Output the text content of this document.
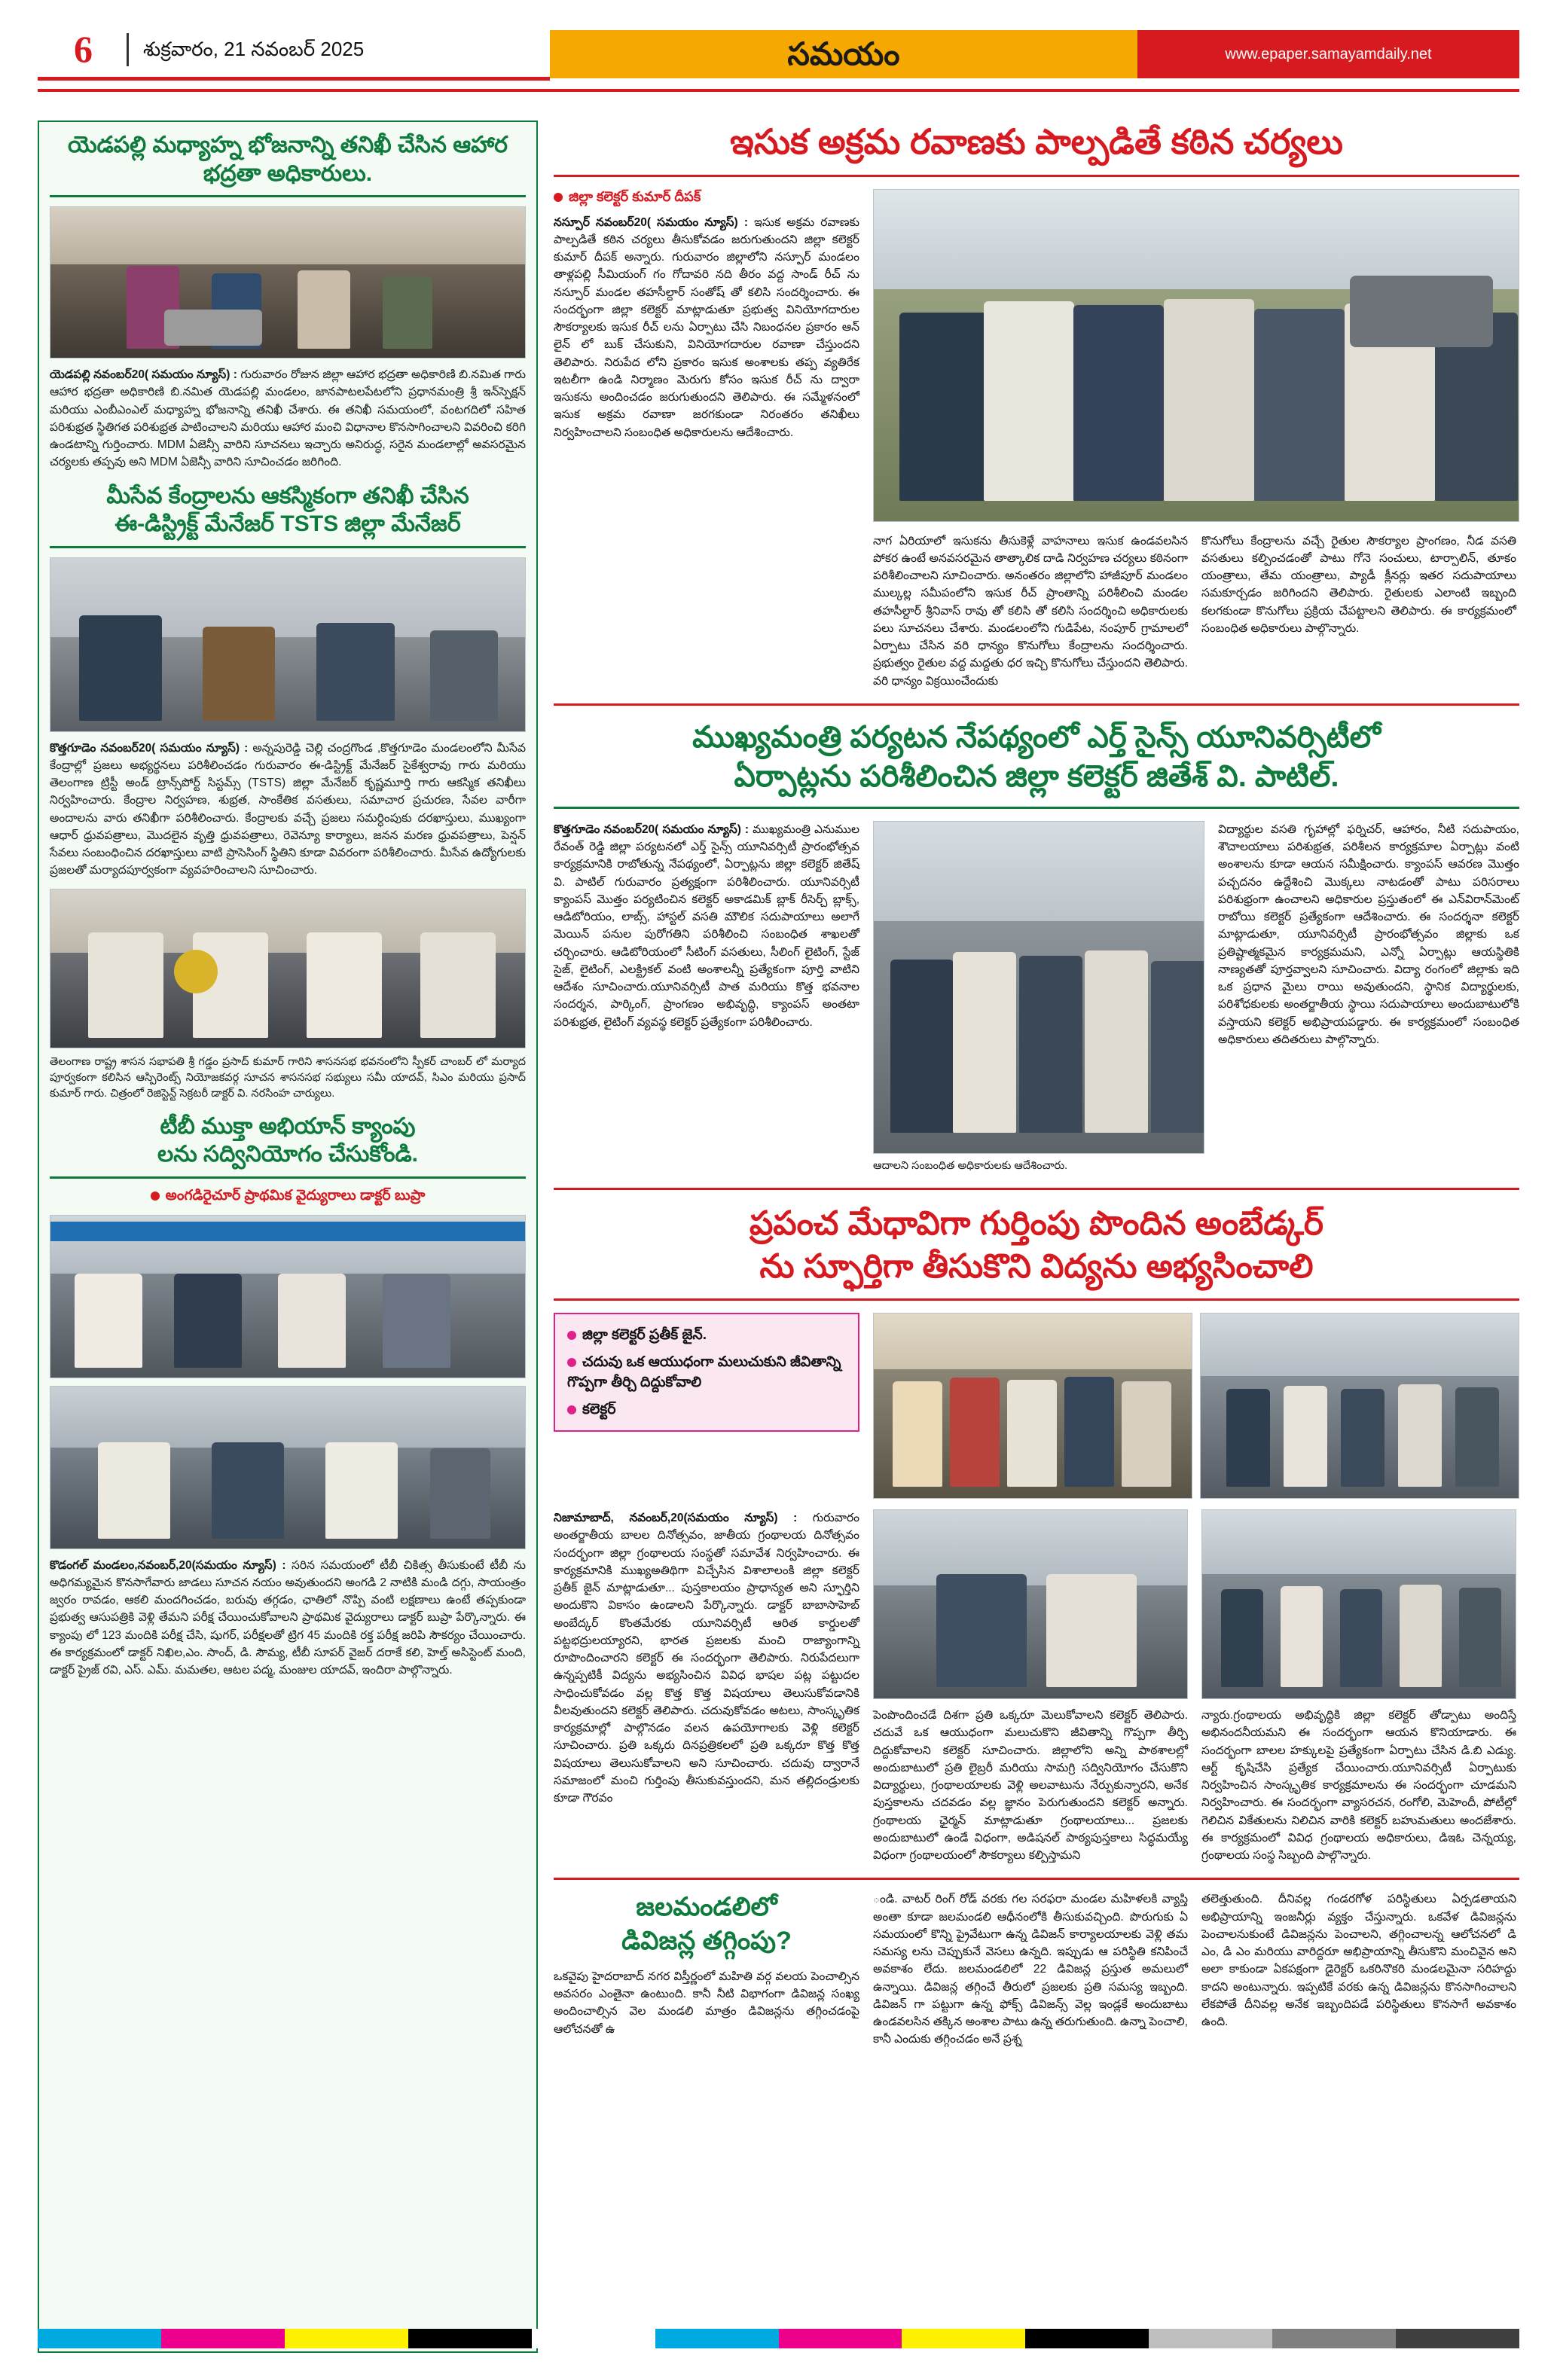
6	శుక్రవారం, 21 నవంబర్ 2025	సమయం	www.epaper.samayamdaily.net
యెడపల్లి మధ్యాహ్న భోజనాన్ని తనిఖీ చేసిన ఆహార భద్రతా అధికారులు.
యెడపల్లి నవంబర్20( సమయం న్యూస్) : గురువారం రోజున జిల్లా ఆహార భద్రతా అధికారిణి బి.నమిత గారు ఆహార భద్రతా అధికారిణి బి.నమిత యెడపల్లి మండలం, జానపాటలపేటలోని ప్రధానమంత్రి శ్రీ ఇన్‌స్పెక్షన్ మరియు ఎంబీఎంఎల్ మధ్యాహ్న భోజనాన్ని తనిఖీ చేశారు. ఈ తనిఖీ సమయంలో, వంటగదిలో సహిత పరిశుభ్రత స్థితిగత పరిశుభ్రత పాటించాలని మరియు ఆహార మంచి విధానాల కొనసాగించాలని వివరించి కరిగి ఉండటాన్ని గుర్తించారు. MDM ఏజెన్సీ వారిని సూచనలు ఇచ్చారు అనిరుద్ధ, సరైన మండలాల్లో అవసరమైన చర్యలకు తప్పవు అని MDM ఏజెన్సీ వారిని సూచించడం జరిగింది.
మీసేవ కేంద్రాలను ఆకస్మికంగా తనిఖీ చేసిన
ఈ-డిస్ట్రిక్ట్ మేనేజర్ TSTS జిల్లా మేనేజర్
కొత్తగూడెం నవంబర్20( సమయం న్యూస్) : అన్నపురెడ్డి చెల్లి చంద్రగొండ ,కొత్తగూడెం మండలంలోని మీసేవ కేంద్రాల్లో ప్రజలు అభ్యర్థనలు పరిశీలించడం గురువారం ఈ-డిస్ట్రిక్ట్ మేనేజర్ సైకేశ్వరావు గారు మరియు తెలంగాణ ట్రిస్టీ అండ్ ట్రాన్స్‌పోర్ట్ సిస్టమ్స్ (TSTS) జిల్లా మేనేజర్ కృష్ణమూర్తి గారు ఆకస్మిక తనిఖీలు నిర్వహించారు. కేంద్రాల నిర్వహణ, శుభ్రత, సాంకేతిక వసతులు, సమాచార ప్రచురణ, సేవల వారీగా అందాలను వారు తనిఖీగా పరిశీలించారు. కేంద్రాలకు వచ్చే ప్రజలు సమర్ధింపుకు దరఖాస్తులు, ముఖ్యంగా ఆధార్ ధ్రువపత్రాలు, మొదలైన వృత్తి ధ్రువపత్రాలు, రెవెన్యూ కార్యాలు, జనన మరణ ధ్రువపత్రాలు, పెన్షన్ సేవలు సంబంధించిన దరఖాస్తులు వాటి ప్రాసెసింగ్ స్థితిని కూడా వివరంగా పరిశీలించారు. మీసేవ ఉద్యోగులకు ప్రజలతో మర్యాదపూర్వకంగా వ్యవహరించాలని సూచించారు.
తెలంగాణ రాష్ట్ర శాసన సభాపతి శ్రీ గడ్డం ప్రసాద్ కుమార్ గారిని శాసనసభ భవనంలోని స్పీకర్ చాంబర్ లో మర్యాద పూర్వకంగా కలిసిన ఆస్పిరెంట్స్ నియోజకవర్గ సూచన శాసనసభ సభ్యులు సమీ యాదవ్, సిఎం మరియు ప్రసాద్ కుమార్ గారు. చిత్రంలో రెజిస్టెన్ట్ సెక్రటరీ డాక్టర్ వి. నరసింహ చార్యులు.
టీబీ ముక్తా అభియాన్ క్యాంపు
లను సద్వినియోగం చేసుకోండి.
అంగడిరైచూర్ ప్రాథమిక వైద్యురాలు డాక్టర్ బుప్రా
కొడంగల్ మండలం,నవంబర్,20(సమయం న్యూస్) : సరిన సమయంలో టీబీ చికిత్స తీసుకుంటే టీబీ ను అధిగమ్యమైన కొనసాగేవారు జాడలు సూచన నయం అవుతుందని అంగడి 2 నాటికి మండి దగ్గు, సాయంత్రం జ్వరం రావడం, ఆకలి మందగించడం, బరువు తగ్గడం, ఛాతిలో నొప్పి వంటి లక్షణాలు ఉంటే తప్పకుండా ప్రభుత్వ ఆసుపత్రికి వెళ్లి తేమని పరీక్ష చేయించుకోవాలని ప్రాథమిక వైద్యురాలు డాక్టర్ బుప్రా పేర్కొన్నారు. ఈ క్యాంపు లో 123 మందికి పరీక్ష చేసి, షుగర్, పరీక్షలతో ట్రిగ 45 మందికి రక్త పరీక్ష జరిపి సౌకర్యం చేయించారు. ఈ కార్యక్రమంలో డాక్టర్ నిఖిల,ఎం. సాంద్, డి. సౌమ్య, టీబీ సూపర్ వైజర్ దరాకే కలి, హెల్త్ అసిస్టెంట్ మంది, డాక్టర్ ప్రైజ్ రవి, ఎస్. ఎమ్. మమతల, ఆటల పద్మ, మంజుల యాదవ్, ఇందిరా పాల్గొన్నారు.
ఇసుక అక్రమ రవాణకు పాల్పడితే కఠిన చర్యలు
జిల్లా కలెక్టర్ కుమార్ దీపక్
నస్పూర్ నవంబర్20( సమయం న్యూస్) : ఇసుక అక్రమ రవాణకు పాల్పడితే కఠిన చర్యలు తీసుకోవడం జరుగుతుందని జిల్లా కలెక్టర్ కుమార్ దీపక్ అన్నారు. గురువారం జిల్లాలోని నస్పూర్ మండలం తాళ్లపల్లి సీమియంగ్ గం గోదావరి నది తీరం వద్ద సాండ్ రీచ్ ను నస్పూర్ మండల తహసీల్దార్ సంతోష్ తో కలిసి సందర్శించారు. ఈ సందర్భంగా జిల్లా కలెక్టర్ మాట్లాడుతూ ప్రభుత్వ వినియోగదారుల సౌకర్యాలకు ఇసుక రీచ్ లను ఏర్పాటు చేసి నిబంధనల ప్రకారం ఆన్ లైన్ లో బుక్ చేసుకుని, వినియోగదారుల రవాణా చేస్తుందని తెలిపారు. నిరుపేద లోని ప్రకారం ఇసుక అంశాలకు తప్ప వ్యతిరేక ఇటలీగా ఉండి నిర్మాణం మెరుగు కోసం ఇసుక రీచ్ ను ద్వారా ఇసుకను అందించడం జరుగుతుందని తెలిపారు. ఈ సమ్మేళనంలో ఇసుక అక్రమ రవాణా జరగకుండా నిరంతరం తనిఖీలు నిర్వహించాలని సంబంధిత అధికారులను ఆదేశించారు.
నాగ ఏరియాలో ఇసుకను తీసుకెళ్లే వాహనాలు ఇసుక ఉండవలసిన పోకర ఉంటే అనవసరమైన తాత్కాలిక దాడి నిర్వహణ చర్యలు కఠినంగా పరిశీలించాలని సూచించారు. అనంతరం జిల్లాలోని హాజీపూర్ మండలం ముల్కల్ల సమీపంలోని ఇసుక రీచ్ ప్రాంతాన్ని పరిశీలించి మండల తహసీల్దార్ శ్రీనివాస్ రావు తో కలిసి తో కలిసి సందర్శించి అధికారులకు పలు సూచనలు చేశారు. మండలంలోని గుడిపేట, నంపూర్ గ్రామాలలో ఏర్పాటు చేసిన వరి ధాన్యం కొనుగోలు కేంద్రాలను సందర్శించారు. ప్రభుత్వం రైతుల వద్ద మద్దతు ధర ఇచ్చి కొనుగోలు చేస్తుందని తెలిపారు. వరి ధాన్యం విక్రయించేందుకు
కొనుగోలు కేంద్రాలను వచ్చే రైతుల సౌకర్యాల ప్రాంగణం, నీడ వసతి వసతులు కల్పించడంతో పాటు గోనె సంచులు, టార్పాలిన్, తూకం యంత్రాలు, తేమ యంత్రాలు, ప్యాడీ క్లీనర్లు ఇతర సదుపాయాలు సమకూర్చడం జరిగిందని తెలిపారు. రైతులకు ఎలాంటి ఇబ్బంది కలగకుండా కొనుగోలు ప్రక్రియ చేపట్టాలని తెలిపారు. ఈ కార్యక్రమంలో సంబంధిత అధికారులు పాల్గొన్నారు.
ముఖ్యమంత్రి పర్యటన నేపథ్యంలో ఎర్త్ సైన్స్ యూనివర్సిటీలో
ఏర్పాట్లను పరిశీలించిన జిల్లా కలెక్టర్ జితేశ్ వి. పాటిల్.
కొత్తగూడెం నవంబర్20( సమయం న్యూస్) : ముఖ్యమంత్రి ఎనుముల రేవంత్ రెడ్డి జిల్లా పర్యటనలో ఎర్త్ సైన్స్ యూనివర్సిటీ ప్రారంభోత్సవ కార్యక్రమానికి రాబోతున్న నేపథ్యంలో, ఏర్పాట్లను జిల్లా కలెక్టర్ జితేష్ వి. పాటిల్ గురువారం ప్రత్యక్షంగా పరిశీలించారు. యూనివర్సిటీ క్యాంపస్ మొత్తం పర్యటించిన కలెక్టర్ అకాడమిక్ బ్లాక్ రీసెర్చ్ బ్లాక్స్, ఆడిటోరియం, లాబ్స్, హాస్టల్ వసతి మౌలిక సదుపాయాలు అలాగే మెయిన్ పనుల పురోగతిని పరిశీలించి సంబంధిత శాఖలతో చర్చించారు. ఆడిటోరియంలో సీటింగ్ వసతులు, సీలింగ్ లైటింగ్, స్టేజ్ సైజ్, లైటింగ్, ఎలక్ట్రికల్ వంటి అంశాలన్నీ ప్రత్యేకంగా పూర్తి వాటిని ఆదేశం సూచించారు.యూనివర్సిటీ పాత మరియు కొత్త భవనాల సందర్శన, పార్కింగ్, ప్రాంగణం అభివృద్ధి, క్యాంపస్ అంతటా పరిశుభ్రత, లైటింగ్ వ్యవస్థ కలెక్టర్ ప్రత్యేకంగా పరిశీలించారు.
ఆదాలని సంబంధిత అధికారులకు ఆదేశించారు.
విద్యార్థుల వసతి గృహాల్లో ఫర్నిచర్, ఆహారం, నీటి సదుపాయం, శౌచాలయాలు పరిశుభ్రత, పరిశీలన కార్యక్రమాల ఏర్పాట్లు వంటి అంశాలను కూడా ఆయన సమీక్షించారు. క్యాంపస్ ఆవరణ మొత్తం పచ్చదనం ఉద్దేశించి మొక్కలు నాటడంతో పాటు పరిసరాలు పరిశుభ్రంగా ఉంచాలని అధికారుల ప్రస్తుతంలో ఈ ఎన్‌విరాన్‌మెంట్ రాబోయి కలెక్టర్ ప్రత్యేకంగా ఆదేశించారు. ఈ సందర్శనా కలెక్టర్ మాట్లాడుతూ, యూనివర్సిటీ ప్రారంభోత్సవం జిల్లాకు ఒక ప్రతిష్టాత్మకమైన కార్యక్రమమని, ఎన్నో ఏర్పాట్లు ఆయస్థితికి నాణ్యతతో పూర్తవ్వాలని సూచించారు. విద్యా రంగంలో జిల్లాకు ఇది ఒక ప్రధాన మైలు రాయి అవుతుందని, స్థానిక విద్యార్థులకు, పరిశోధకులకు అంతర్జాతీయ స్థాయి సదుపాయాలు అందుబాటులోకి వస్తాయని కలెక్టర్ అభిప్రాయపడ్డారు. ఈ కార్యక్రమంలో సంబంధిత అధికారులు తదితరులు పాల్గొన్నారు.
ప్రపంచ మేధావిగా గుర్తింపు పొందిన అంబేడ్కర్
ను స్ఫూర్తిగా తీసుకొని విద్యను అభ్యసించాలి
జిల్లా కలెక్టర్ ప్రతీక్ జైన్.
చదువు ఒక ఆయుధంగా మలుచుకుని జీవితాన్ని గొప్పగా తీర్చి దిద్దుకోవాలి
కలెక్టర్
నిజామాబాద్, నవంబర్,20(సమయం న్యూస్) : గురువారం అంతర్జాతీయ బాలల దినోత్సవం, జాతీయ గ్రంథాలయ దినోత్సవం సందర్భంగా జిల్లా గ్రంథాలయ సంస్థతో సమావేశ నిర్వహించారు. ఈ కార్యక్రమానికి ముఖ్యఅతిథిగా విచ్చేసిన విశాలాలంకి జిల్లా కలెక్టర్ ప్రతీక్ జైన్ మాట్లాడుతూ... పుస్తకాలయం ప్రాధాన్యత అని స్ఫూర్తిని అందుకొని వికాసం ఉండాలని పేర్కొన్నారు. డాక్టర్ బాబాసాహెబ్ అంబేద్కర్ కొంతమేరకు యూనివర్సిటీ ఆరిత కార్డులతో పట్టభద్రులయ్యారని, భారత ప్రజలకు మంచి రాజ్యాంగాన్ని రూపొందించారని కలెక్టర్ ఈ సందర్భంగా తెలిపారు. నిరుపేదలుగా ఉన్నప్పటికీ విద్యను అభ్యసించిన వివిధ భాషల పట్ల పట్టుదల సాధించుకోవడం వల్ల కొత్త కొత్త విషయాలు తెలుసుకోవడానికి వీలవుతుందని కలెక్టర్ తెలిపారు. చదువుకోవడం అటలు, సాంస్కృతిక కార్యక్రమాల్లో పాల్గొనడం వలన ఉపయోగాలకు వెళ్లి కలెక్టర్ సూచించారు. ప్రతి ఒక్కరు దినప్రత్రికలలో ప్రతి ఒక్కరూ కొత్త కొత్త విషయాలు తెలుసుకోవాలని అని సూచించారు. చదువు ద్వారానే సమాజంలో మంచి గుర్తింపు తీసుకువస్తుందని, మన తల్లిదండ్రులకు కూడా గౌరవం
పెంపొందించడే దిశగా ప్రతి ఒక్కరూ మెలుకోవాలని కలెక్టర్ తెలిపారు. చదువే ఒక ఆయుధంగా మలుచుకొని జీవితాన్ని గొప్పగా తీర్చి దిద్దుకోవాలని కలెక్టర్ సూచించారు. జిల్లాలోని అన్ని పాఠశాలల్లో అందుబాటులో ప్రతి లైబ్రరీ మరియు సామగ్రి సద్వినియోగం చేసుకొని విద్యార్థులు, గ్రంథాలయాలకు వెళ్లి అలవాటును నేర్పుకున్నారని, అనేక పుస్తకాలను చదవడం వల్ల జ్ఞానం పెరుగుతుందని కలెక్టర్ అన్నారు. గ్రంథాలయ ఛైర్మన్ మాట్లాడుతూ గ్రంథాలయాలు... ప్రజలకు అందుబాటులో ఉండే విధంగా, అడిషనల్ పాఠ్యపుస్తకాలు సిద్ధమయ్యే విధంగా గ్రంథాలయంలో సౌకర్యాలు కల్పిస్తామని
న్యారు.గ్రంథాలయ అభివృద్ధికి జిల్లా కలెక్టర్ తోడ్పాటు అందిస్తే అభినందనీయమని ఈ సందర్భంగా ఆయన కొనియాడారు. ఈ సందర్భంగా బాలల హక్కులపై ప్రత్యేకంగా ఏర్పాటు చేసిన డి.బి ఎడ్యు. ఆర్ట్ కృషిచేసి ప్రత్యేక చేయించారు.యూనివర్సిటీ ఏర్పాటుకు నిర్వహించిన సాంస్కృతిక కార్యక్రమాలను ఈ సందర్భంగా చూడమని నిర్వహించారు. ఈ సందర్భంగా వ్యాసరచన, రంగోలి, మెహెందీ, పోటీల్లో గెలిచిన వికేతులను నిలిచిన వారికి కలెక్టర్ బహుమతులు అందజేశారు. ఈ కార్యక్రమంలో వివిధ గ్రంథాలయ అధికారులు, డిఇఓ చెన్నయ్య, గ్రంథాలయ సంస్థ సిబ్బంది పాల్గొన్నారు.
జలమండలిలో
డివిజన్ల తగ్గింపు?
ఒకవైపు హైదరాబాద్ నగర విస్తీర్ణంలో మహితి వర్గ వలయ పెంచాల్సిన అవసరం ఎంతైనా ఉంటుంది. కానీ నీటి విభాగంగా డివిజన్ల సంఖ్య అందించాల్సిన వెల మండలి మాత్రం డివిజన్లను తగ్గించడంపై ఆలోచనతో ఉ
ండి. వాటర్ రింగ్ రోడ్ వరకు గల సరఫరా మండల మహిళలకి వ్యాప్తి అంతా కూడా జలమండలి ఆధీనంలోకి తీసుకువచ్చింది. పొరుగుకు ఏ సమయంలో కొన్ని ప్రైవేటుగా ఉన్న డివిజన్ కార్యాలయాలకు వెళ్లి తమ సమస్య లను చెప్పుకునే వెసలు ఉన్నది. ఇప్పుడు ఆ పరిస్థితి కనిపించే అవకాశం లేదు. జలమండలిలో 22 డివిజన్ల ప్రస్తుత అమలులో ఉన్నాయి. డివిజన్ల తగ్గించే తీరులో ప్రజలకు ప్రతి సమస్య ఇబ్బంది. డివిజన్ గా పట్టుగా ఉన్న ఫోక్స్ డివిజన్స్ వెల్ల ఇండ్లకే అందుబాటు ఉండవలసిన తక్కిన అంశాల పాటు ఉన్న తరుగుతుంది. ఉన్నా పెంచాలి, కానీ ఎందుకు తగ్గించడం అనే ప్రశ్న
తలెత్తుతుంది. దీనివల్ల గండరగోళ పరిస్థితులు ఏర్పడతాయని అభిప్రాయాన్ని ఇంజనీర్లు వ్యక్తం చేస్తున్నారు. ఒకవేళ డివిజన్లను పెంచాలనుకుంటే డివిజన్లను పెంచాలని, తగ్గించాలన్న ఆలోచనలో డి ఎం, డి ఎం మరియు వారిద్దరూ అభిప్రాయాన్ని తీసుకొని మంచివైన అని అలా కాకుండా ఏకపక్షంగా డైరెక్టర్ ఒకరినొకరి మండలమైనా సరిహద్దు కాదని అంటున్నారు. ఇప్పటికే వరకు ఉన్న డివిజన్లను కొనసాగించాలని లేకపోతే దీనివల్ల అనేక ఇబ్బందిపడే పరిస్థితులు కొనసాగే అవకాశం ఉంది.
